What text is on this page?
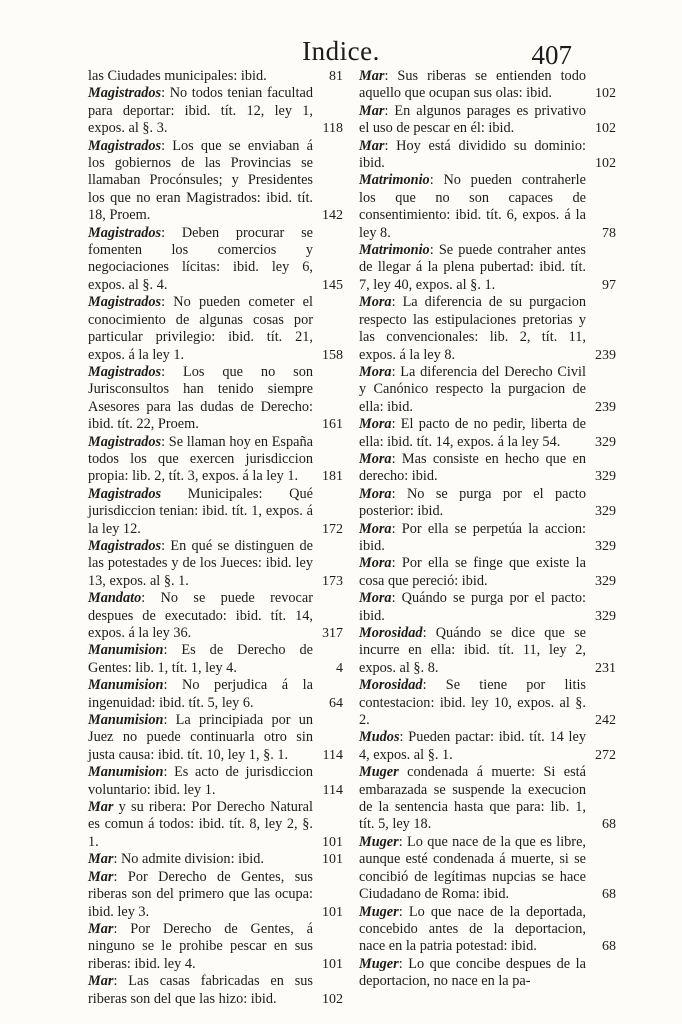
Indice.	407
las Ciudades municipales: ibid.	81
Magistrados: No todos tenian facultad para deportar: ibid. tít. 12, ley 1, expos. al §. 3.	118
Magistrados: Los que se enviaban á los gobiernos de las Provincias se llamaban Procónsules; y Presidentes los que no eran Magistrados: ibid. tít. 18, Proem.	142
Magistrados: Deben procurar se fomenten los comercios y negociaciones lícitas: ibid. ley 6, expos. al §. 4.	145
Magistrados: No pueden cometer el conocimiento de algunas cosas por particular privilegio: ibid. tít. 21, expos. á la ley 1.	158
Magistrados: Los que no son Jurisconsultos han tenido siempre Asesores para las dudas de Derecho: ibid. tít. 22, Proem.	161
Magistrados: Se llaman hoy en España todos los que exercen jurisdiccion propia: lib. 2, tít. 3, expos. á la ley 1. 181
Magistrados Municipales: Qué jurisdiccion tenian: ibid. tít. 1, expos. á la ley 12.	172
Magistrados: En qué se distinguen de las potestades y de los Jueces: ibid. ley 13, expos. al §. 1.	173
Mandato: No se puede revocar despues de executado: ibid. tít. 14, expos. á la ley 36.	317
Manumision: Es de Derecho de Gentes: lib. 1, tít. 1, ley 4.	4
Manumision: No perjudica á la ingenuidad: ibid. tít. 5, ley 6.	64
Manumision: La principiada por un Juez no puede continuarla otro sin justa causa: ibid. tít. 10, ley 1, §. 1. 114
Manumision: Es acto de jurisdiccion voluntario: ibid. ley 1.	114
Mar y su ribera: Por Derecho Natural es comun á todos: ibid. tít. 8, ley 2, §. 1.	101
Mar: No admite division: ibid.	101
Mar: Por Derecho de Gentes, sus riberas son del primero que las ocupa: ibid. ley 3.	101
Mar: Por Derecho de Gentes, á ninguno se le prohibe pescar en sus riberas: ibid. ley 4.	101
Mar: Las casas fabricadas en sus riberas son del que las hizo: ibid.	102
Mar: Sus riberas se entienden todo aquello que ocupan sus olas: ibid.	102
Mar: En algunos parages es privativo el uso de pescar en él: ibid.	102
Mar: Hoy está dividido su dominio: ibid.	102
Matrimonio: No pueden contraherle los que no son capaces de consentimiento: ibid. tít. 6, expos. á la ley 8.	78
Matrimonio: Se puede contraher antes de llegar á la plena pubertad: ibid. tít. 7, ley 40, expos. al §. 1.	97
Mora: La diferencia de su purgacion respecto las estipulaciones pretorias y las convencionales: lib. 2, tít. 11, expos. á la ley 8.	239
Mora: La diferencia del Derecho Civil y Canónico respecto la purgacion de ella: ibid.	239
Mora: El pacto de no pedir, liberta de ella: ibid. tít. 14, expos. á la ley 54. 329
Mora: Mas consiste en hecho que en derecho: ibid.	329
Mora: No se purga por el pacto posterior: ibid.	329
Mora: Por ella se perpetúa la accion: ibid.	329
Mora: Por ella se finge que existe la cosa que pereció: ibid.	329
Mora: Quándo se purga por el pacto: ibid.	329
Morosidad: Quándo se dice que se incurre en ella: ibid. tít. 11, ley 2, expos. al §. 8.	231
Morosidad: Se tiene por litis contestacion: ibid. ley 10, expos. al §. 2.	242
Mudos: Pueden pactar: ibid. tít. 14 ley 4, expos. al §. 1.	272
Muger condenada á muerte: Si está embarazada se suspende la execucion de la sentencia hasta que para: lib. 1, tít. 5, ley 18.	68
Muger: Lo que nace de la que es libre, aunque esté condenada á muerte, si se concibió de legítimas nupcias se hace Ciudadano de Roma: ibid.	68
Muger: Lo que nace de la deportada, concebido antes de la deportacion, nace en la patria potestad: ibid.	68
Muger: Lo que concibe despues de la deportacion, no nace en la pa-
